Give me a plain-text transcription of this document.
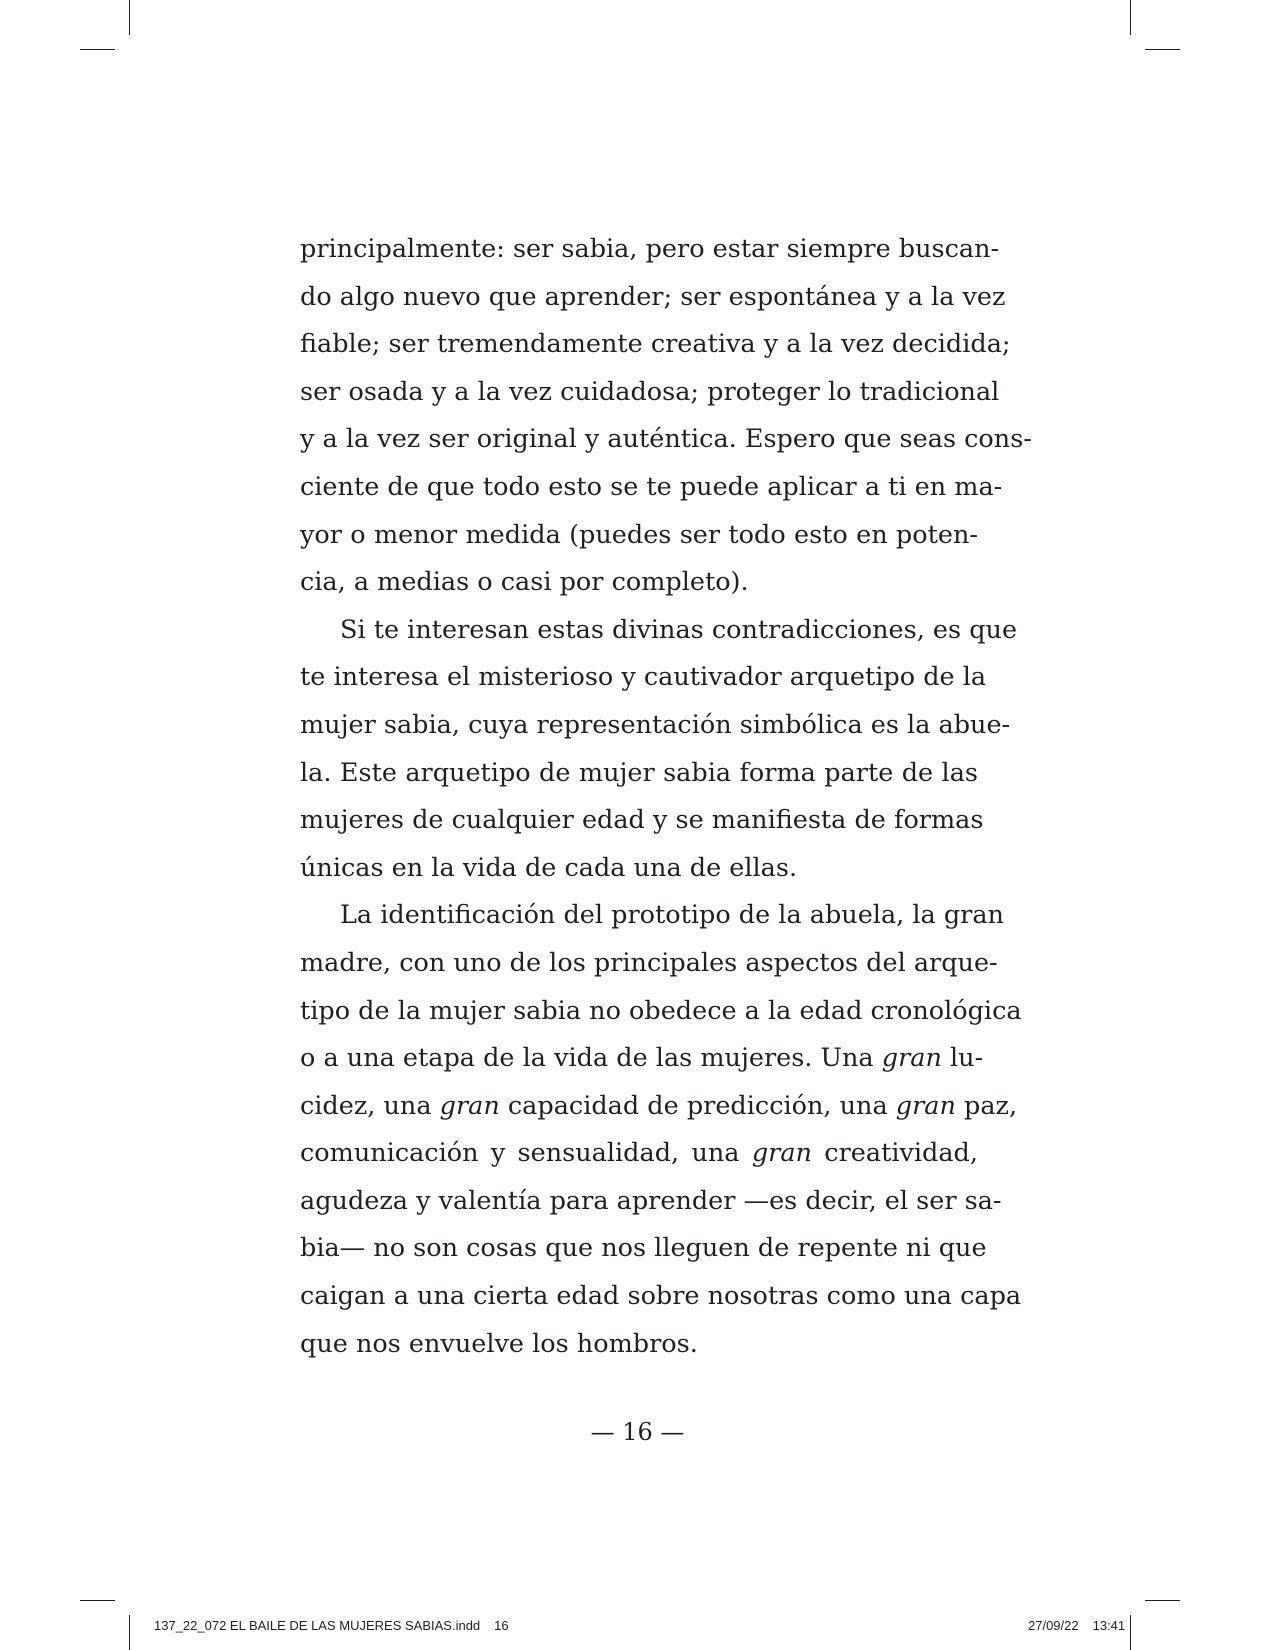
principalmente: ser sabia, pero estar siempre buscan-
do algo nuevo que aprender; ser espontánea y a la vez
fiable; ser tremendamente creativa y a la vez decidida;
ser osada y a la vez cuidadosa; proteger lo tradicional
y a la vez ser original y auténtica. Espero que seas cons-
ciente de que todo esto se te puede aplicar a ti en ma-
yor o menor medida (puedes ser todo esto en poten-
cia, a medias o casi por completo).
Si te interesan estas divinas contradicciones, es que
te interesa el misterioso y cautivador arquetipo de la
mujer sabia, cuya representación simbólica es la abue-
la. Este arquetipo de mujer sabia forma parte de las
mujeres de cualquier edad y se manifiesta de formas
únicas en la vida de cada una de ellas.
La identificación del prototipo de la abuela, la gran
madre, con uno de los principales aspectos del arque-
tipo de la mujer sabia no obedece a la edad cronológica
o a una etapa de la vida de las mujeres. Una gran lu-
cidez, una gran capacidad de predicción, una gran paz,
comunicación y sensualidad, una gran creatividad,
agudeza y valentía para aprender —es decir, el ser sa-
bia— no son cosas que nos lleguen de repente ni que
caigan a una cierta edad sobre nosotras como una capa
que nos envuelve los hombros.
— 16 —
137_22_072 EL BAILE DE LAS MUJERES SABIAS.indd 16	27/09/22 13:41
